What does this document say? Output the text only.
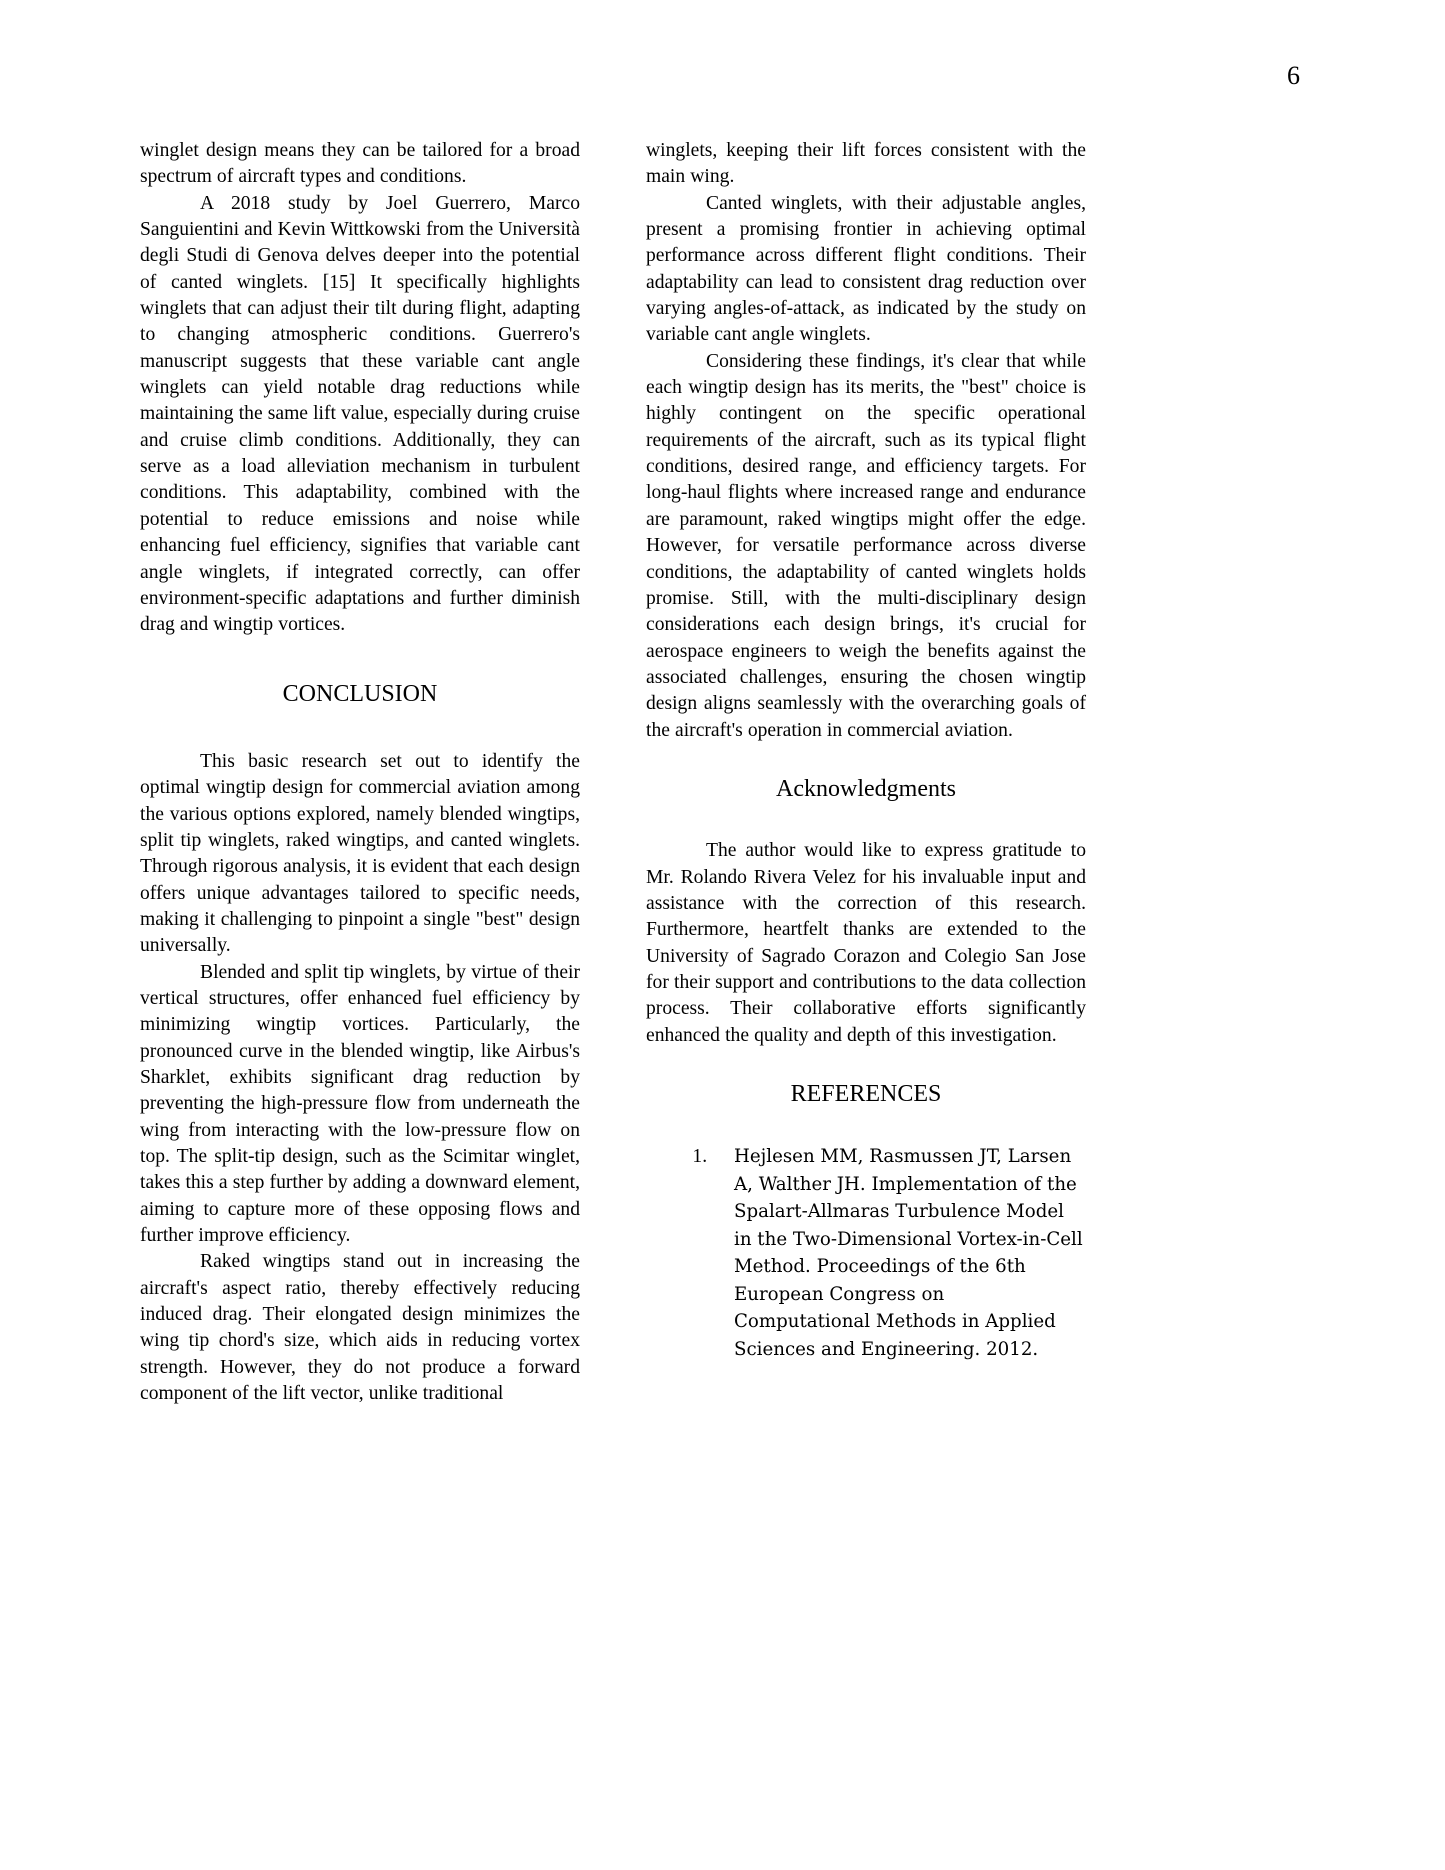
6

winglet design means they can be tailored for a broad spectrum of aircraft types and conditions.

A 2018 study by Joel Guerrero, Marco Sanguientini and Kevin Wittkowski from the Università degli Studi di Genova delves deeper into the potential of canted winglets. [15] It specifically highlights winglets that can adjust their tilt during flight, adapting to changing atmospheric conditions. Guerrero's manuscript suggests that these variable cant angle winglets can yield notable drag reductions while maintaining the same lift value, especially during cruise and cruise climb conditions. Additionally, they can serve as a load alleviation mechanism in turbulent conditions. This adaptability, combined with the potential to reduce emissions and noise while enhancing fuel efficiency, signifies that variable cant angle winglets, if integrated correctly, can offer environment-specific adaptations and further diminish drag and wingtip vortices.

CONCLUSION

This basic research set out to identify the optimal wingtip design for commercial aviation among the various options explored, namely blended wingtips, split tip winglets, raked wingtips, and canted winglets. Through rigorous analysis, it is evident that each design offers unique advantages tailored to specific needs, making it challenging to pinpoint a single "best" design universally.

Blended and split tip winglets, by virtue of their vertical structures, offer enhanced fuel efficiency by minimizing wingtip vortices. Particularly, the pronounced curve in the blended wingtip, like Airbus's Sharklet, exhibits significant drag reduction by preventing the high-pressure flow from underneath the wing from interacting with the low-pressure flow on top. The split-tip design, such as the Scimitar winglet, takes this a step further by adding a downward element, aiming to capture more of these opposing flows and further improve efficiency.

Raked wingtips stand out in increasing the aircraft's aspect ratio, thereby effectively reducing induced drag. Their elongated design minimizes the wing tip chord's size, which aids in reducing vortex strength. However, they do not produce a forward component of the lift vector, unlike traditional

winglets, keeping their lift forces consistent with the main wing.

Canted winglets, with their adjustable angles, present a promising frontier in achieving optimal performance across different flight conditions. Their adaptability can lead to consistent drag reduction over varying angles-of-attack, as indicated by the study on variable cant angle winglets.

Considering these findings, it's clear that while each wingtip design has its merits, the "best" choice is highly contingent on the specific operational requirements of the aircraft, such as its typical flight conditions, desired range, and efficiency targets. For long-haul flights where increased range and endurance are paramount, raked wingtips might offer the edge. However, for versatile performance across diverse conditions, the adaptability of canted winglets holds promise. Still, with the multi-disciplinary design considerations each design brings, it's crucial for aerospace engineers to weigh the benefits against the associated challenges, ensuring the chosen wingtip design aligns seamlessly with the overarching goals of the aircraft's operation in commercial aviation.

Acknowledgments

The author would like to express gratitude to Mr. Rolando Rivera Velez for his invaluable input and assistance with the correction of this research. Furthermore, heartfelt thanks are extended to the University of Sagrado Corazon and Colegio San Jose for their support and contributions to the data collection process. Their collaborative efforts significantly enhanced the quality and depth of this investigation.

REFERENCES
1. Hejlesen MM, Rasmussen JT, Larsen A, Walther JH. Implementation of the Spalart-Allmaras Turbulence Model in the Two-Dimensional Vortex-in-Cell Method. Proceedings of the 6th European Congress on Computational Methods in Applied Sciences and Engineering. 2012.
